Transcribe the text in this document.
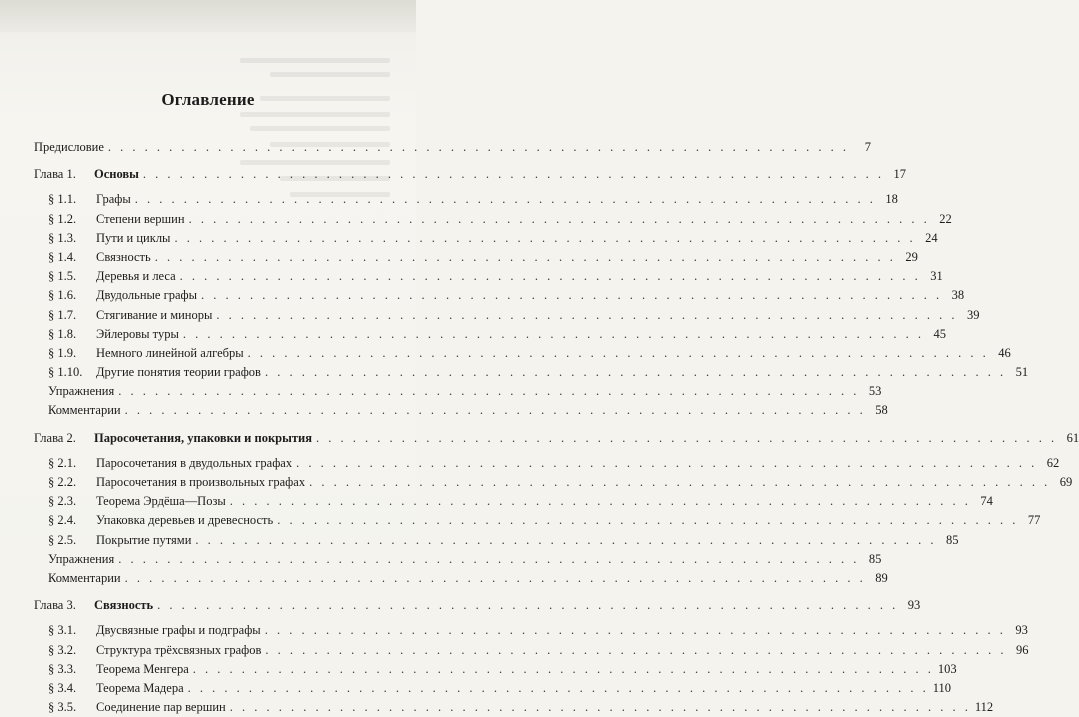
Оглавление
Предисловие . . .	7
Глава 1.	Основы . . .	17
§ 1.1.	Графы . . .	18
§ 1.2.	Степени вершин . . .	22
§ 1.3.	Пути и циклы . . .	24
§ 1.4.	Связность . . .	29
§ 1.5.	Деревья и леса . . .	31
§ 1.6.	Двудольные графы . . .	38
§ 1.7.	Стягивание и миноры . . .	39
§ 1.8.	Эйлеровы туры . . .	45
§ 1.9.	Немного линейной алгебры . . .	46
§ 1.10.	Другие понятия теории графов . . .	51
Упражнения . . .	53
Комментарии . . .	58
Глава 2.	Паросочетания, упаковки и покрытия . . .	61
§ 2.1.	Паросочетания в двудольных графах . . .	62
§ 2.2.	Паросочетания в произвольных графах . . .	69
§ 2.3.	Теорема Эрдёша—Позы . . .	74
§ 2.4.	Упаковка деревьев и древесность . . .	77
§ 2.5.	Покрытие путями . . .	85
Упражнения . . .	85
Комментарии . . .	89
Глава 3.	Связность . . .	93
§ 3.1.	Двусвязные графы и подграфы . . .	93
§ 3.2.	Структура трёхсвязных графов . . .	96
§ 3.3.	Теорема Менгера . . .	103
§ 3.4.	Теорема Мадера . . .	110
§ 3.5.	Соединение пар вершин . . .	112
